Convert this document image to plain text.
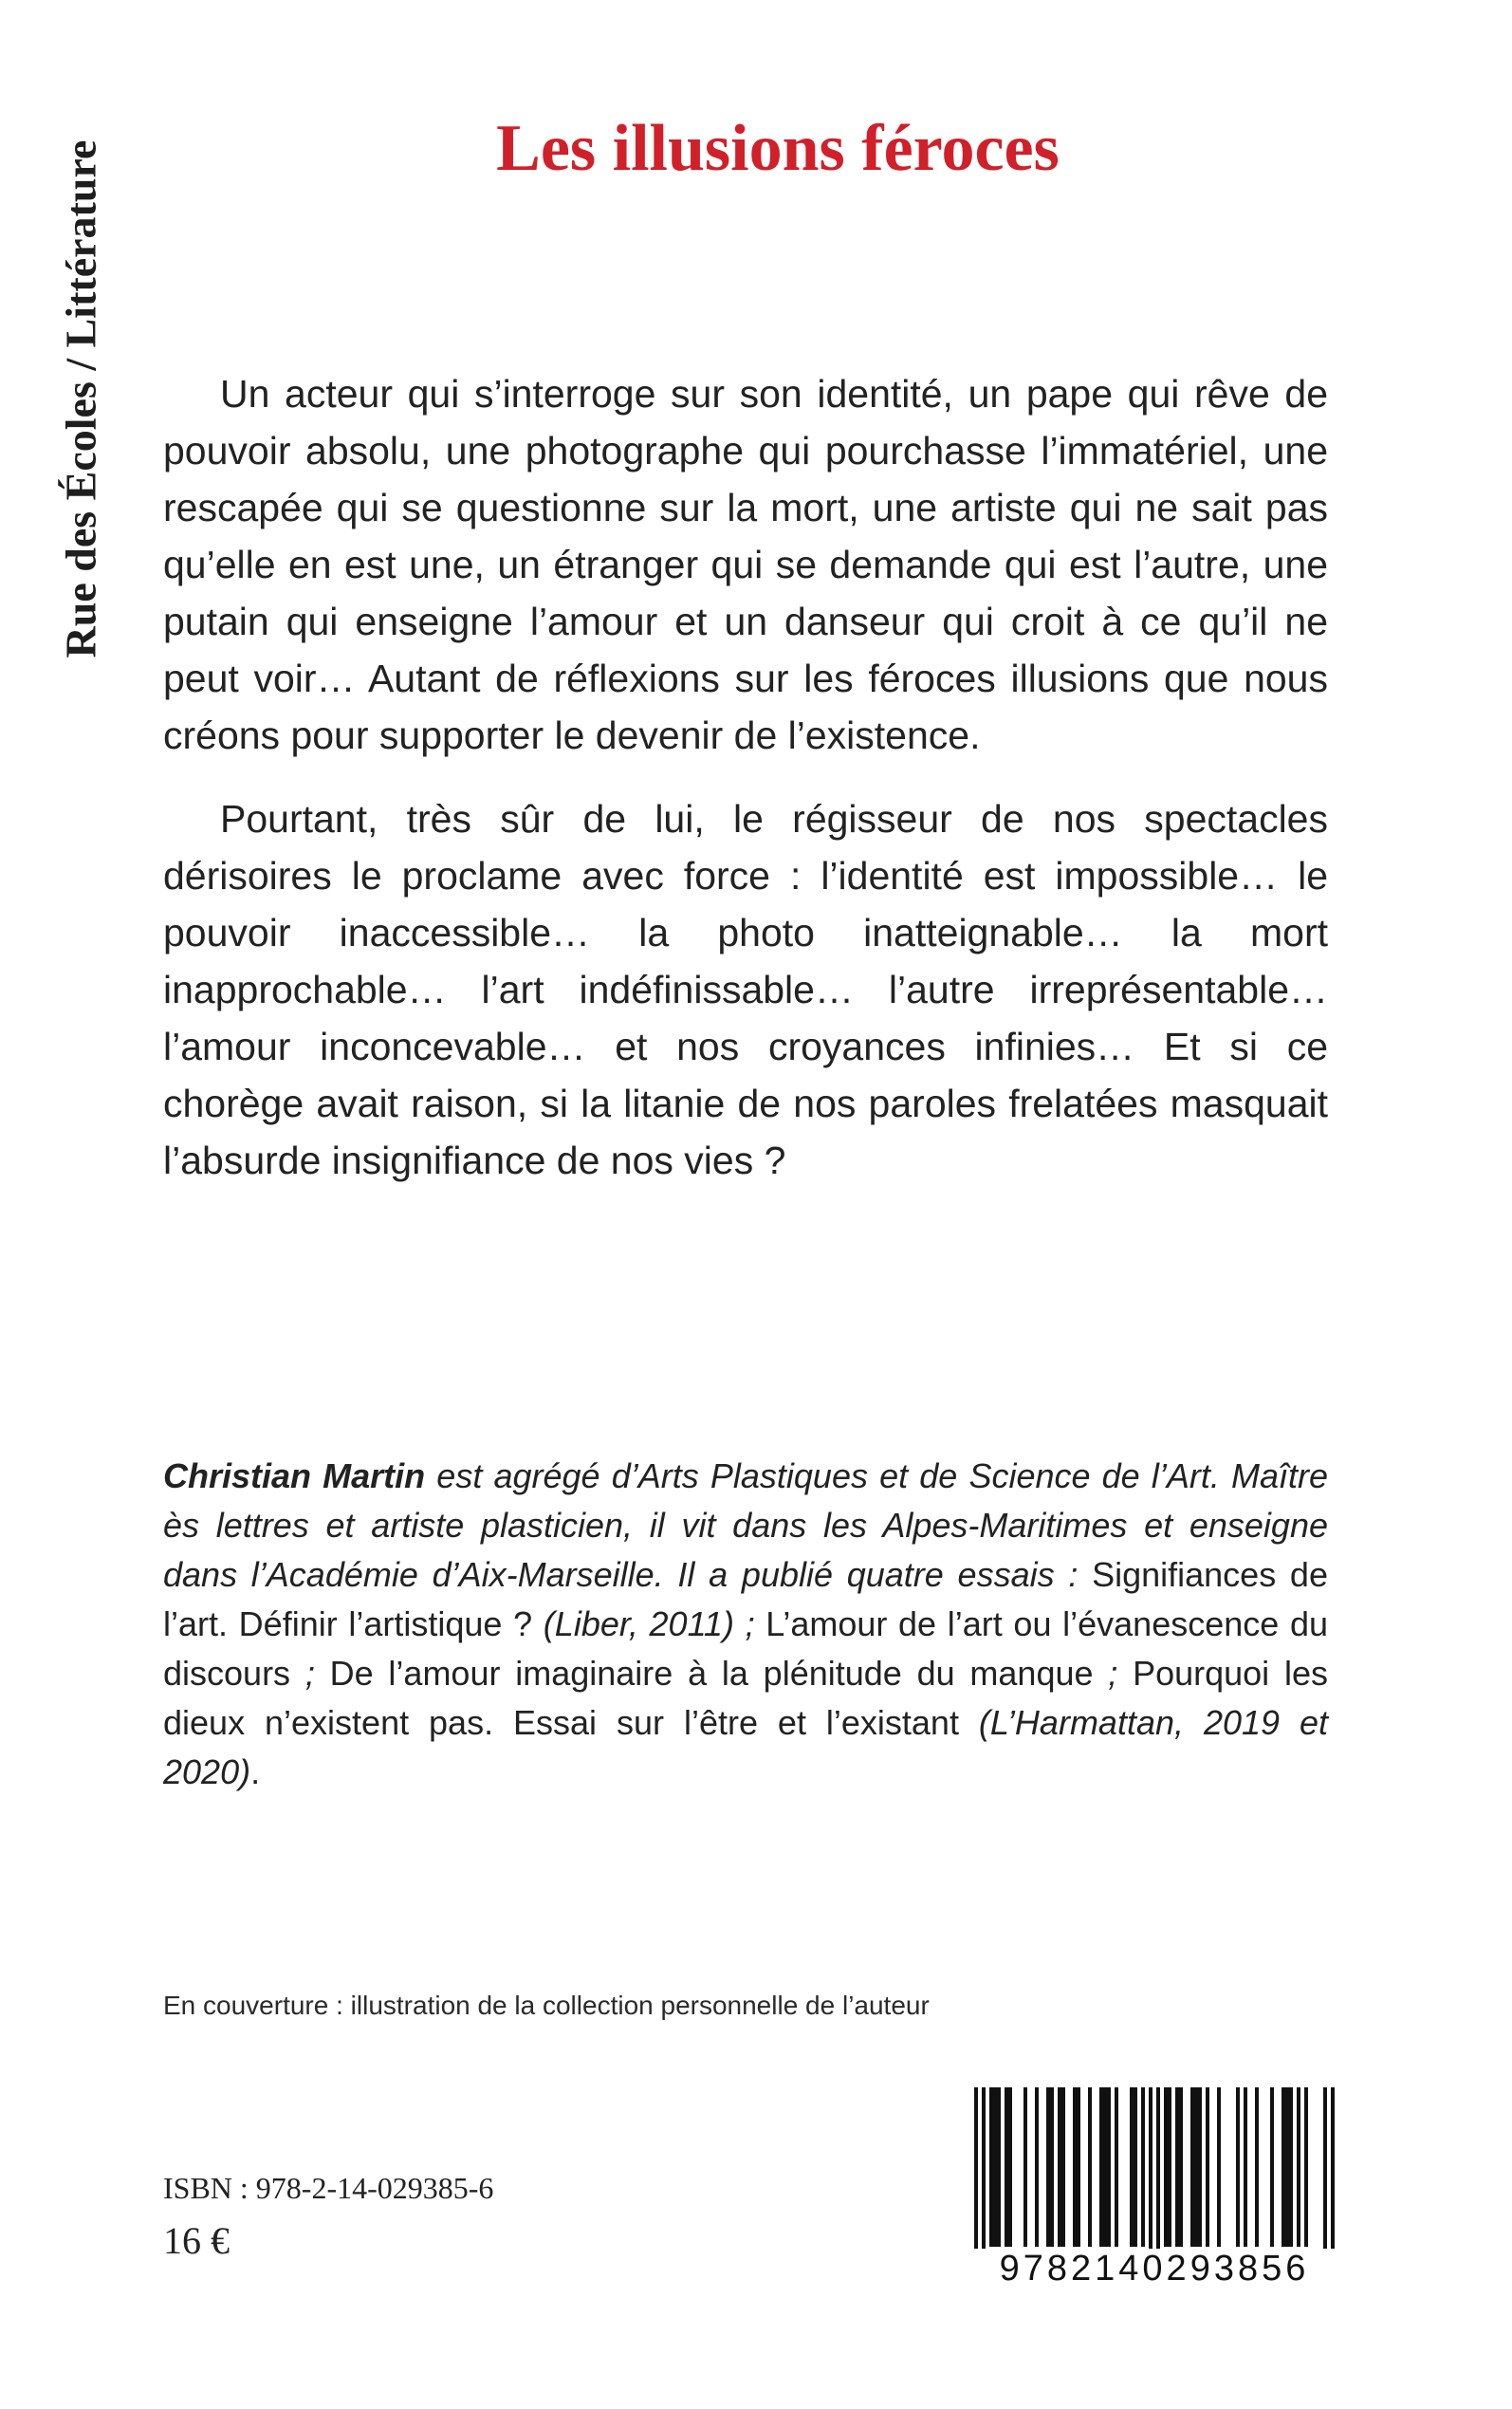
Rue des Écoles / Littérature	Les illusions féroces

Un acteur qui s’interroge sur son identité, un pape qui rêve de pouvoir absolu, une photographe qui pourchasse l’immatériel, une rescapée qui se questionne sur la mort, une artiste qui ne sait pas qu’elle en est une, un étranger qui se demande qui est l’autre, une putain qui enseigne l’amour et un danseur qui croit à ce qu’il ne peut voir… Autant de réflexions sur les féroces illusions que nous créons pour supporter le devenir de l’existence.

Pourtant, très sûr de lui, le régisseur de nos spectacles dérisoires le proclame avec force : l’identité est impossible… le pouvoir inaccessible… la photo inatteignable… la mort inapprochable… l’art indéfinissable… l’autre irreprésentable… l’amour inconcevable… et nos croyances infinies… Et si ce chorège avait raison, si la litanie de nos paroles frelatées masquait l’absurde insignifiance de nos vies ?

Christian Martin est agrégé d’Arts Plastiques et de Science de l’Art. Maître ès lettres et artiste plasticien, il vit dans les Alpes-Maritimes et enseigne dans l’Académie d’Aix-Marseille. Il a publié quatre essais : Signifiances de l’art. Définir l’artistique ? (Liber, 2011) ; L’amour de l’art ou l’évanescence du discours ; De l’amour imaginaire à la plénitude du manque ; Pourquoi les dieux n’existent pas. Essai sur l’être et l’existant (L’Harmattan, 2019 et 2020).

En couverture : illustration de la collection personnelle de l’auteur
ISBN : 978-2-14-029385-6
16 €
9782140293856
